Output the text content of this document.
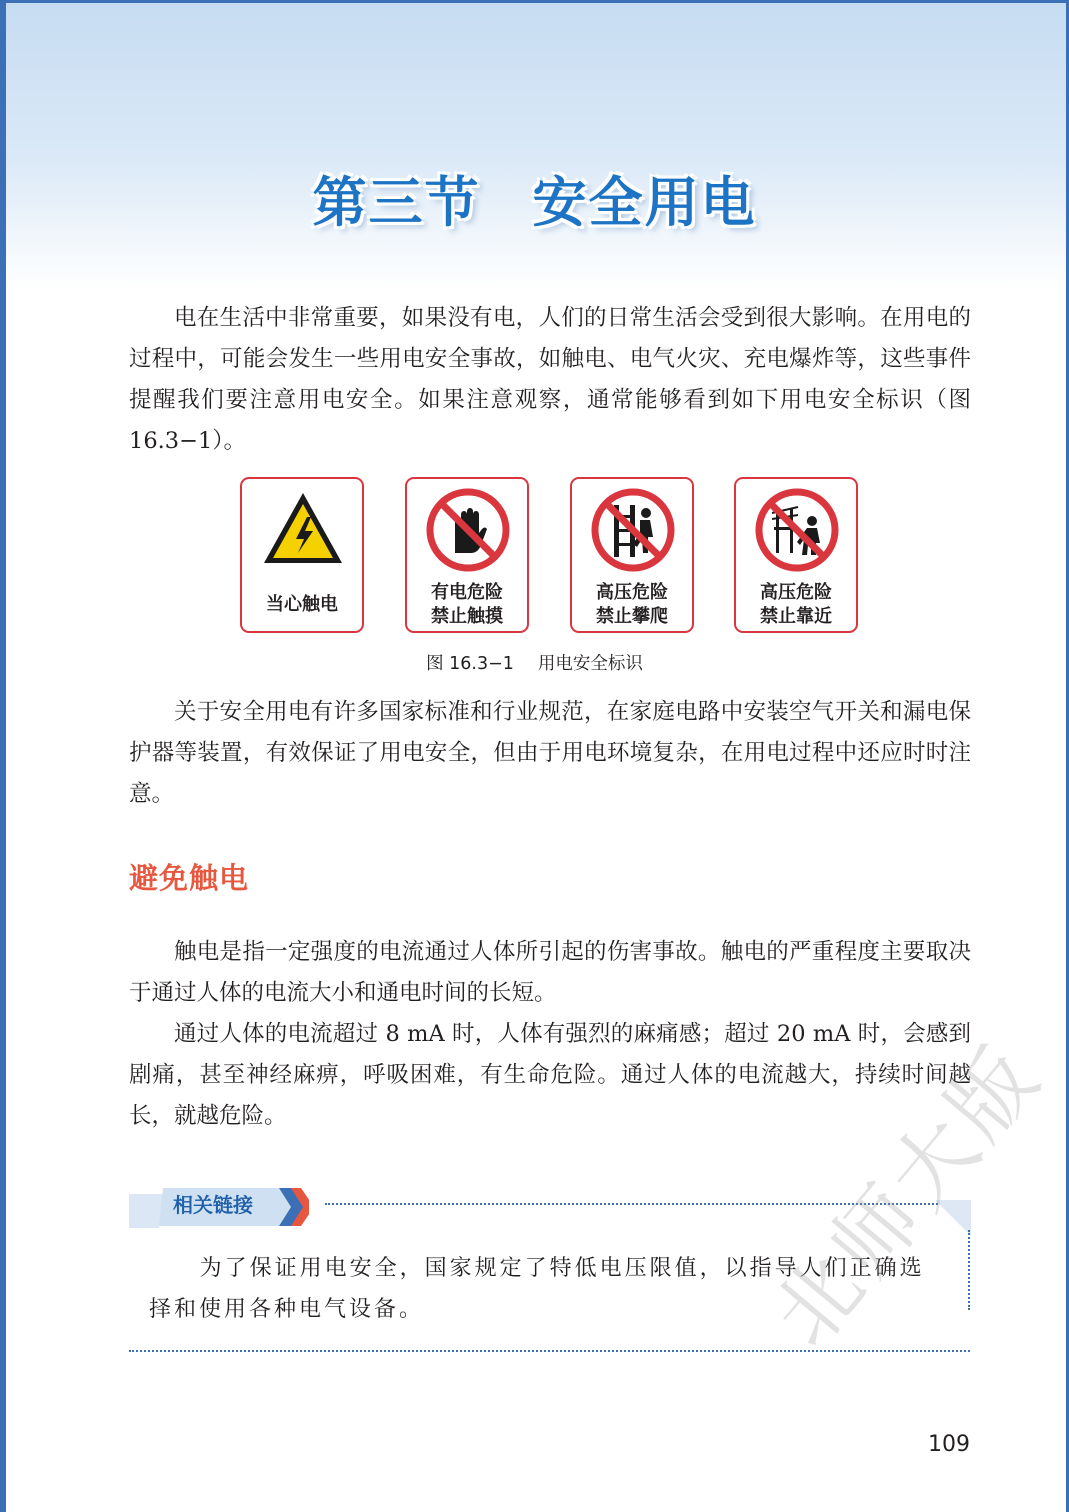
第三节 安全用电

电在生活中非常重要，如果没有电，人们的日常生活会受到很大影响。在用电的过程中，可能会发生一些用电安全事故，如触电、电气火灾、充电爆炸等，这些事件提醒我们要注意用电安全。如果注意观察，通常能够看到如下用电安全标识（图 16.3−1）。

当心触电
有电危险
禁止触摸
高压危险
禁止攀爬
高压危险
禁止靠近
图 16.3−1 用电安全标识

关于安全用电有许多国家标准和行业规范，在家庭电路中安装空气开关和漏电保护器等装置，有效保证了用电安全，但由于用电环境复杂，在用电过程中还应时时注意。

避免触电

触电是指一定强度的电流通过人体所引起的伤害事故。触电的严重程度主要取决于通过人体的电流大小和通电时间的长短。

通过人体的电流超过 8 mA 时，人体有强烈的麻痛感；超过 20 mA 时，会感到剧痛，甚至神经麻痹，呼吸困难，有生命危险。通过人体的电流越大，持续时间越长，就越危险。

相关链接

为了保证用电安全，国家规定了特低电压限值，以指导人们正确选择和使用各种电气设备。	北师大版
109
